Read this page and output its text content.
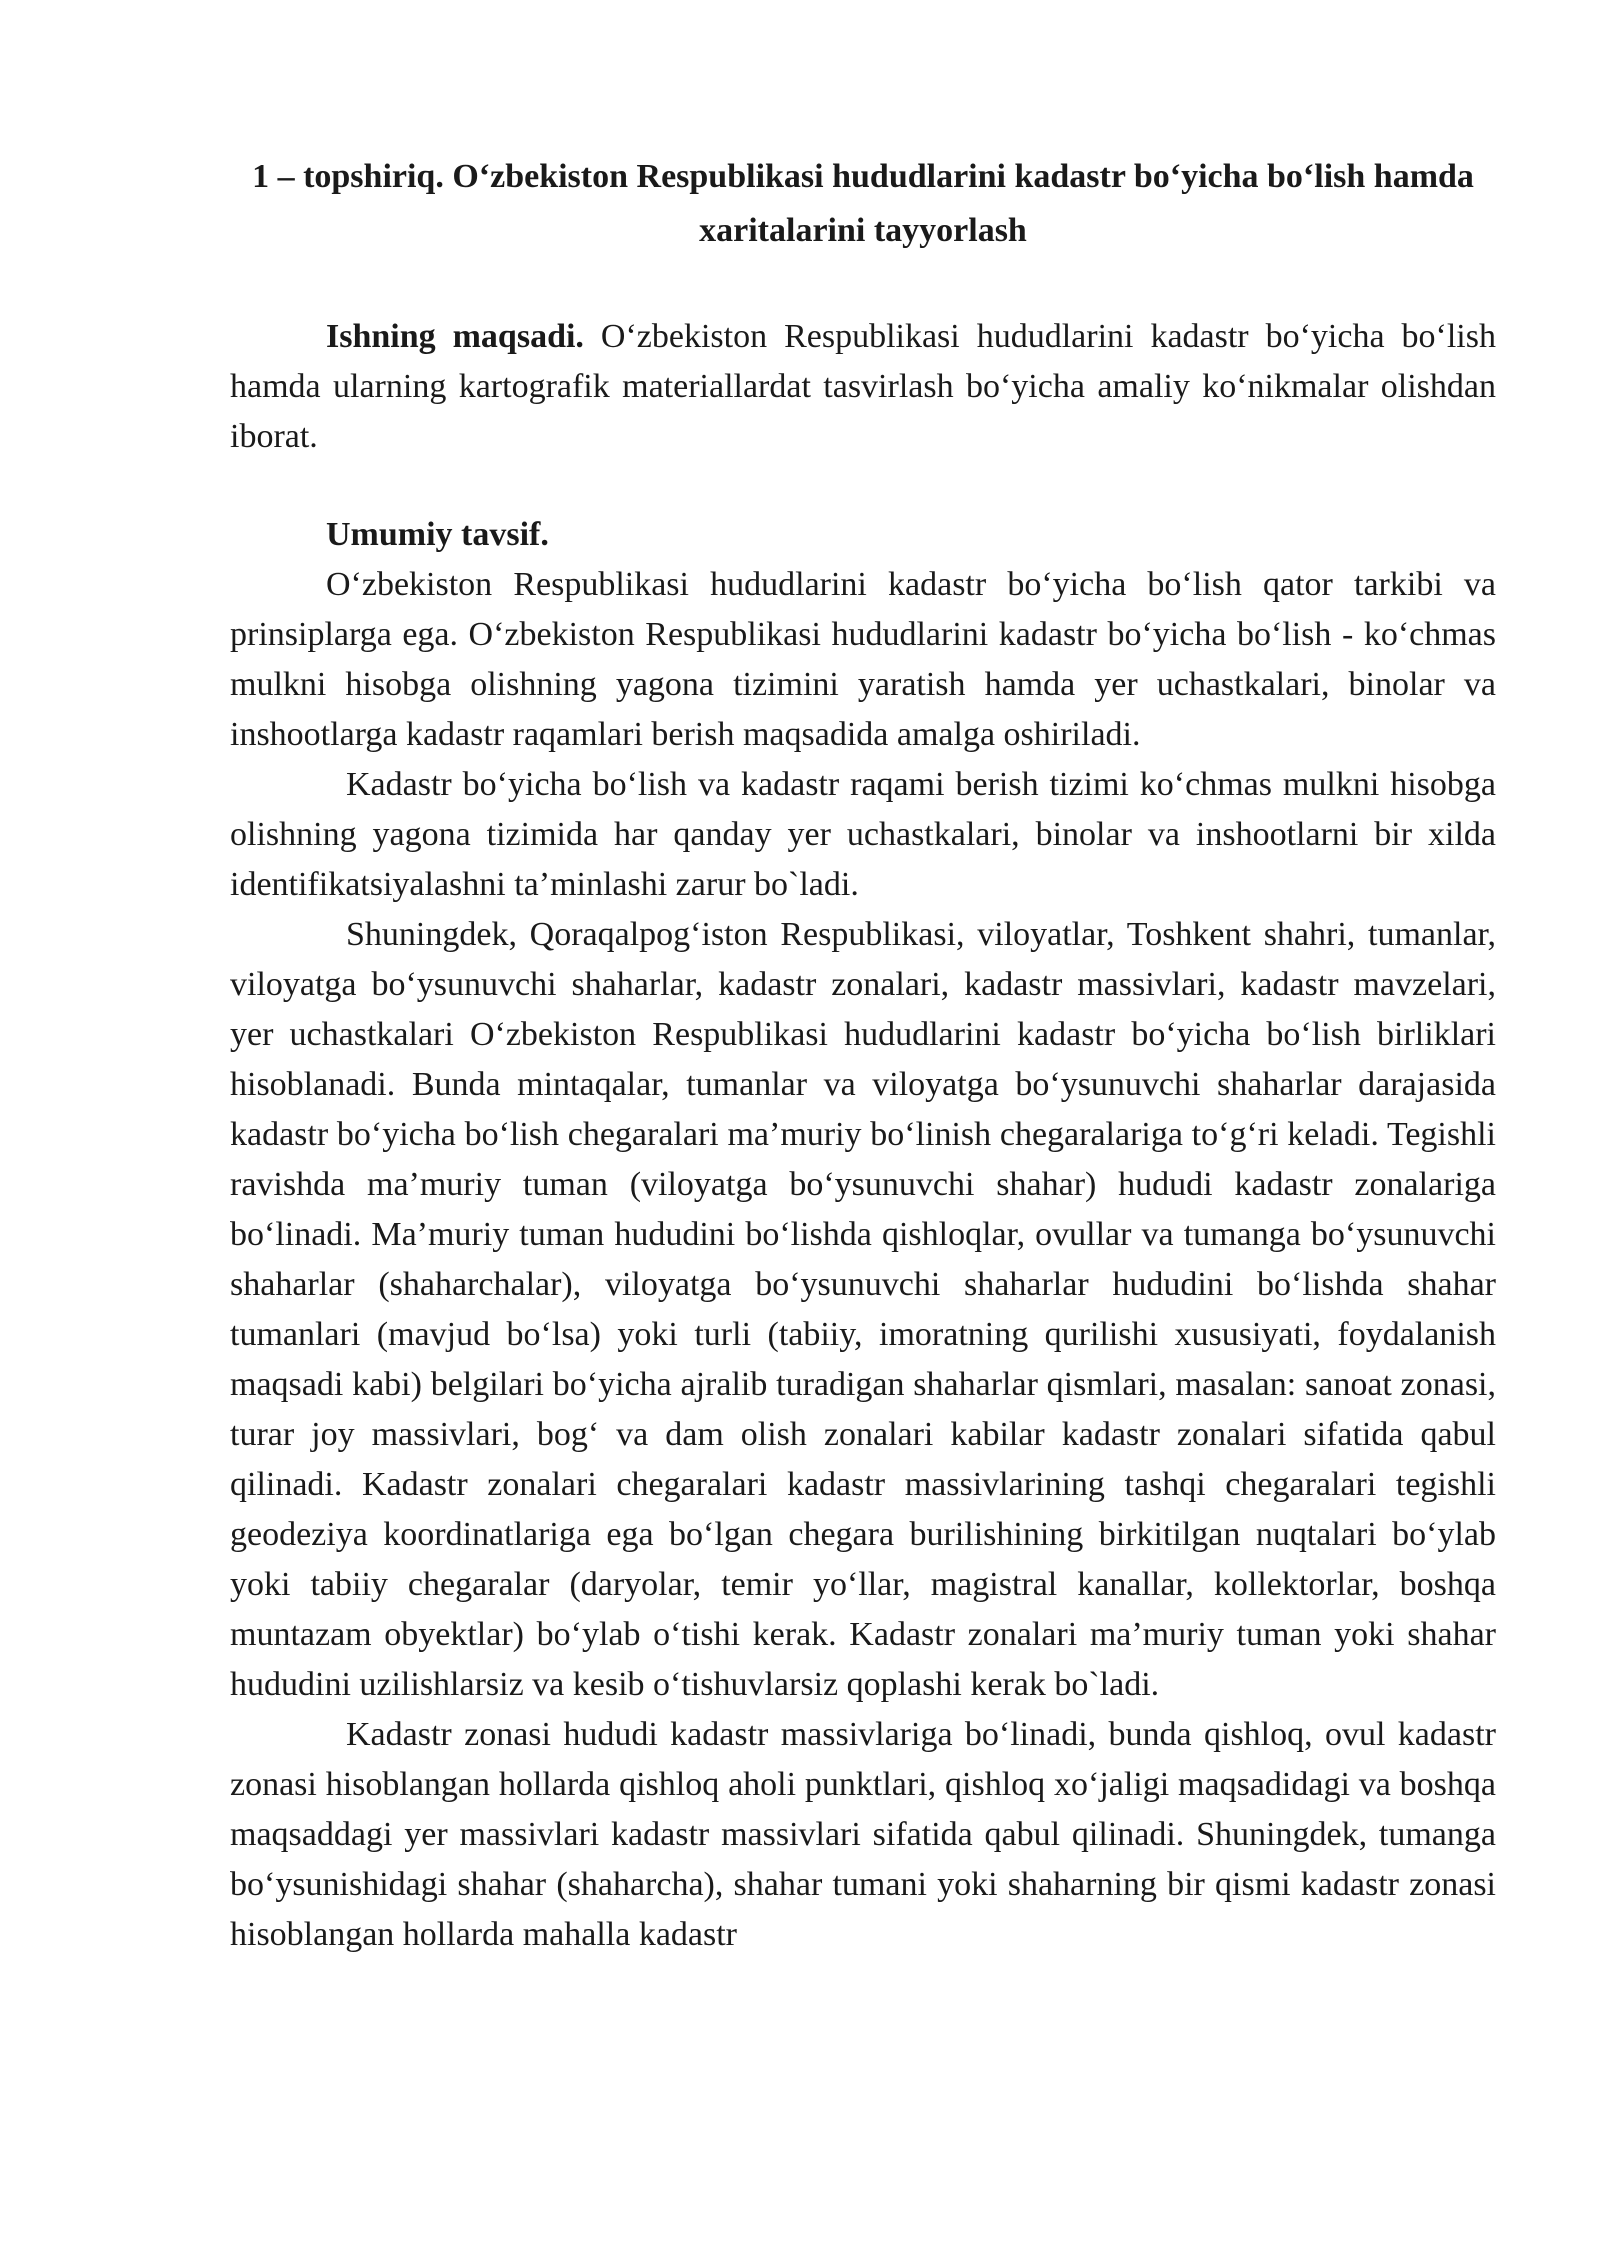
1 – topshiriq. O‘zbekiston Respublikasi hududlarini kadastr bo‘yicha bo‘lish hamda xaritalarini tayyorlash

Ishning maqsadi. O‘zbekiston Respublikasi hududlarini kadastr bo‘yicha bo‘lish hamda ularning kartografik materiallardat tasvirlash bo‘yicha amaliy ko‘nikmalar olishdan iborat.

Umumiy tavsif.

O‘zbekiston Respublikasi hududlarini kadastr bo‘yicha bo‘lish qator tarkibi va prinsiplarga ega. O‘zbekiston Respublikasi hududlarini kadastr bo‘yicha bo‘lish - ko‘chmas mulkni hisobga olishning yagona tizimini yaratish hamda yer uchastkalari, binolar va inshootlarga kadastr raqamlari berish maqsadida amalga oshiriladi.

Kadastr bo‘yicha bo‘lish va kadastr raqami berish tizimi ko‘chmas mulkni hisobga olishning yagona tizimida har qanday yer uchastkalari, binolar va inshootlarni bir xilda identifikatsiyalashni ta’minlashi zarur bo`ladi.

Shuningdek, Qoraqalpog‘iston Respublikasi, viloyatlar, Toshkent shahri, tumanlar, viloyatga bo‘ysunuvchi shaharlar, kadastr zonalari, kadastr massivlari, kadastr mavzelari, yer uchastkalari O‘zbekiston Respublikasi hududlarini kadastr bo‘yicha bo‘lish birliklari hisoblanadi. Bunda mintaqalar, tumanlar va viloyatga bo‘ysunuvchi shaharlar darajasida kadastr bo‘yicha bo‘lish chegaralari ma’muriy bo‘linish chegaralariga to‘g‘ri keladi. Tegishli ravishda ma’muriy tuman (viloyatga bo‘ysunuvchi shahar) hududi kadastr zonalariga bo‘linadi. Ma’muriy tuman hududini bo‘lishda qishloqlar, ovullar va tumanga bo‘ysunuvchi shaharlar (shaharchalar), viloyatga bo‘ysunuvchi shaharlar hududini bo‘lishda shahar tumanlari (mavjud bo‘lsa) yoki turli (tabiiy, imoratning qurilishi xususiyati, foydalanish maqsadi kabi) belgilari bo‘yicha ajralib turadigan shaharlar qismlari, masalan: sanoat zonasi, turar joy massivlari, bog‘ va dam olish zonalari kabilar kadastr zonalari sifatida qabul qilinadi. Kadastr zonalari chegaralari kadastr massivlarining tashqi chegaralari tegishli geodeziya koordinatlariga ega bo‘lgan chegara burilishining birkitilgan nuqtalari bo‘ylab yoki tabiiy chegaralar (daryolar, temir yo‘llar, magistral kanallar, kollektorlar, boshqa muntazam obyektlar) bo‘ylab o‘tishi kerak. Kadastr zonalari ma’muriy tuman yoki shahar hududini uzilishlarsiz va kesib o‘tishuvlarsiz qoplashi kerak bo`ladi.

Kadastr zonasi hududi kadastr massivlariga bo‘linadi, bunda qishloq, ovul kadastr zonasi hisoblangan hollarda qishloq aholi punktlari, qishloq xo‘jaligi maqsadidagi va boshqa maqsaddagi yer massivlari kadastr massivlari sifatida qabul qilinadi. Shuningdek, tumanga bo‘ysunishidagi shahar (shaharcha), shahar tumani yoki shaharning bir qismi kadastr zonasi hisoblangan hollarda mahalla kadastr
